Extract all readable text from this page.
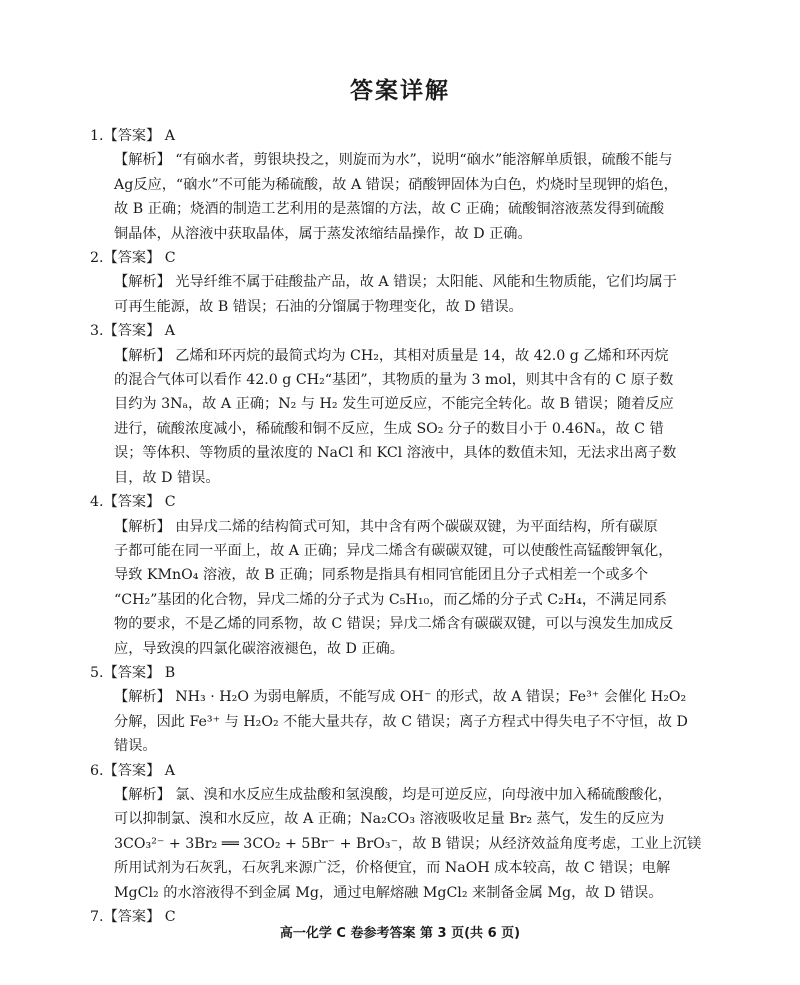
答案详解
1.【答案】 A
【解析】 “有硇水者，剪银块投之，则旋而为水”，说明“硇水”能溶解单质银，硫酸不能与
Ag反应，“硇水”不可能为稀硫酸，故 A 错误；硝酸钾固体为白色，灼烧时呈现钾的焰色，
故 B 正确；烧酒的制造工艺利用的是蒸馏的方法，故 C 正确；硫酸铜溶液蒸发得到硫酸
铜晶体，从溶液中获取晶体，属于蒸发浓缩结晶操作，故 D 正确。
2.【答案】 C
【解析】 光导纤维不属于硅酸盐产品，故 A 错误；太阳能、风能和生物质能，它们均属于
可再生能源，故 B 错误；石油的分馏属于物理变化，故 D 错误。
3.【答案】 A
【解析】 乙烯和环丙烷的最简式均为 CH₂，其相对质量是 14，故 42.0 g 乙烯和环丙烷
的混合气体可以看作 42.0 g CH₂“基团”，其物质的量为 3 mol，则其中含有的 C 原子数
目约为 3Nₐ，故 A 正确；N₂ 与 H₂ 发生可逆反应，不能完全转化。故 B 错误；随着反应
进行，硫酸浓度减小，稀硫酸和铜不反应，生成 SO₂ 分子的数目小于 0.46Nₐ，故 C 错
误；等体积、等物质的量浓度的 NaCl 和 KCl 溶液中，具体的数值未知，无法求出离子数
目，故 D 错误。
4.【答案】 C
【解析】 由异戊二烯的结构简式可知，其中含有两个碳碳双键，为平面结构，所有碳原
子都可能在同一平面上，故 A 正确；异戊二烯含有碳碳双键，可以使酸性高锰酸钾氧化，
导致 KMnO₄ 溶液，故 B 正确；同系物是指具有相同官能团且分子式相差一个或多个
“CH₂”基团的化合物，异戊二烯的分子式为 C₅H₁₀，而乙烯的分子式 C₂H₄，不满足同系
物的要求，不是乙烯的同系物，故 C 错误；异戊二烯含有碳碳双键，可以与溴发生加成反
应，导致溴的四氯化碳溶液褪色，故 D 正确。
5.【答案】 B
【解析】 NH₃ · H₂O 为弱电解质，不能写成 OH⁻ 的形式，故 A 错误；Fe³⁺ 会催化 H₂O₂
分解，因此 Fe³⁺ 与 H₂O₂ 不能大量共存，故 C 错误；离子方程式中得失电子不守恒，故 D
错误。
6.【答案】 A
【解析】 氯、溴和水反应生成盐酸和氢溴酸，均是可逆反应，向母液中加入稀硫酸酸化，
可以抑制氯、溴和水反应，故 A 正确；Na₂CO₃ 溶液吸收足量 Br₂ 蒸气，发生的反应为
3CO₃²⁻ + 3Br₂ ══ 3CO₂ + 5Br⁻ + BrO₃⁻，故 B 错误；从经济效益角度考虑，工业上沉镁
所用试剂为石灰乳，石灰乳来源广泛，价格便宜，而 NaOH 成本较高，故 C 错误；电解
MgCl₂ 的水溶液得不到金属 Mg，通过电解熔融 MgCl₂ 来制备金属 Mg，故 D 错误。
7.【答案】 C
高一化学 C 卷参考答案 第 3 页(共 6 页)
